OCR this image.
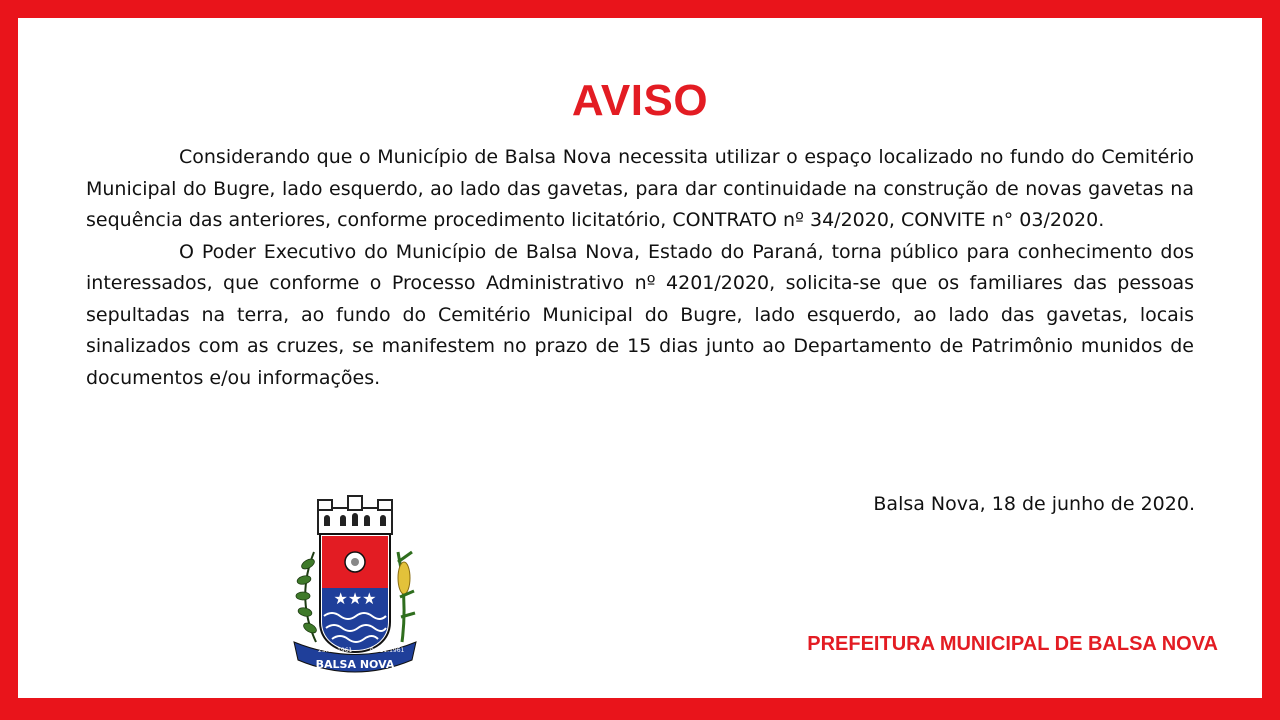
AVISO

Considerando que o Município de Balsa Nova necessita utilizar o espaço localizado no fundo do Cemitério Municipal do Bugre, lado esquerdo, ao lado das gavetas, para dar continuidade na construção de novas gavetas na sequência das anteriores, conforme procedimento licitatório, CONTRATO nº 34/2020, CONVITE n° 03/2020.

O Poder Executivo do Município de Balsa Nova, Estado do Paraná, torna público para conhecimento dos interessados, que conforme o Processo Administrativo nº 4201/2020, solicita-se que os familiares das pessoas sepultadas na terra, ao fundo do Cemitério Municipal do Bugre, lado esquerdo, ao lado das gavetas, locais sinalizados com as cruzes, se manifestem no prazo de 15 dias junto ao Departamento de Patrimônio munidos de documentos e/ou informações.

Balsa Nova, 18 de junho de 2020.
PREFEITURA MUNICIPAL DE BALSA NOVA
★★★
25.01.1961	04.11.1961
BALSA NOVA
